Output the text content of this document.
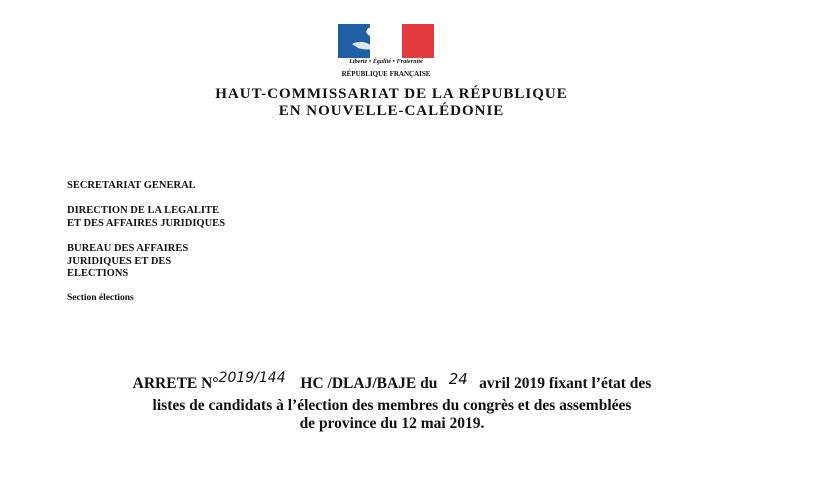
Liberté • Égalité • Fraternité
RÉPUBLIQUE FRANÇAISE
HAUT-COMMISSARIAT DE LA RÉPUBLIQUE
EN NOUVELLE-CALÉDONIE
SECRETARIAT GENERAL
DIRECTION DE LA LEGALITE
ET DES AFFAIRES JURIDIQUES
BUREAU DES AFFAIRES
JURIDIQUES ET DES
ELECTIONS
Section élections
ARRETE N°2019/144 HC /DLAJ/BAJE du 24 avril 2019 fixant l’état des
listes de candidats à l’élection des membres du congrès et des assemblées
de province du 12 mai 2019.
